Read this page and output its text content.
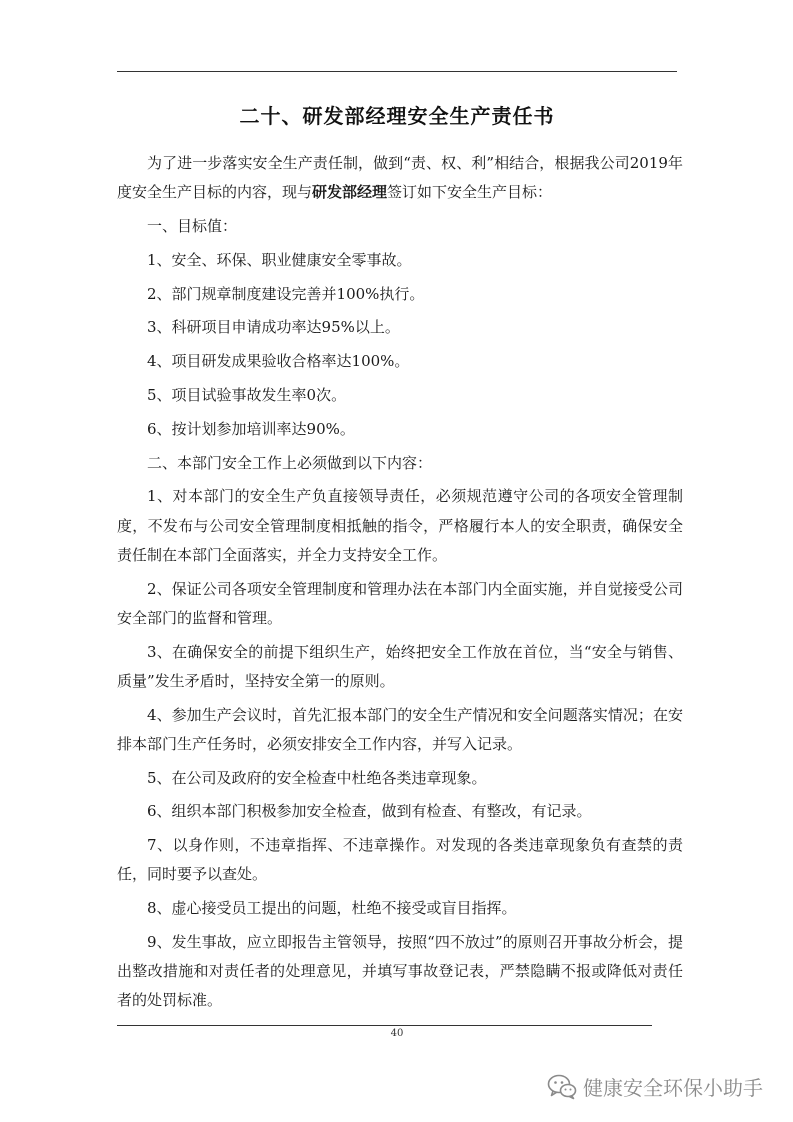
二十、研发部经理安全生产责任书

为了进一步落实安全生产责任制，做到“责、权、利”相结合，根据我公司2019年度安全生产目标的内容，现与研发部经理签订如下安全生产目标：

一、目标值：

1、安全、环保、职业健康安全零事故。

2、部门规章制度建设完善并100%执行。

3、科研项目申请成功率达95%以上。

4、项目研发成果验收合格率达100%。

5、项目试验事故发生率0次。

6、按计划参加培训率达90%。

二、本部门安全工作上必须做到以下内容：

1、对本部门的安全生产负直接领导责任，必须规范遵守公司的各项安全管理制度，不发布与公司安全管理制度相抵触的指令，严格履行本人的安全职责，确保安全责任制在本部门全面落实，并全力支持安全工作。

2、保证公司各项安全管理制度和管理办法在本部门内全面实施，并自觉接受公司安全部门的监督和管理。

3、在确保安全的前提下组织生产，始终把安全工作放在首位，当“安全与销售、质量”发生矛盾时，坚持安全第一的原则。

4、参加生产会议时，首先汇报本部门的安全生产情况和安全问题落实情况；在安排本部门生产任务时，必须安排安全工作内容，并写入记录。

5、在公司及政府的安全检查中杜绝各类违章现象。

6、组织本部门积极参加安全检查，做到有检查、有整改，有记录。

7、以身作则，不违章指挥、不违章操作。对发现的各类违章现象负有查禁的责任，同时要予以查处。

8、虚心接受员工提出的问题，杜绝不接受或盲目指挥。

9、发生事故，应立即报告主管领导，按照“四不放过”的原则召开事故分析会，提出整改措施和对责任者的处理意见，并填写事故登记表，严禁隐瞒不报或降低对责任者的处罚标准。

40
健康安全环保小助手
